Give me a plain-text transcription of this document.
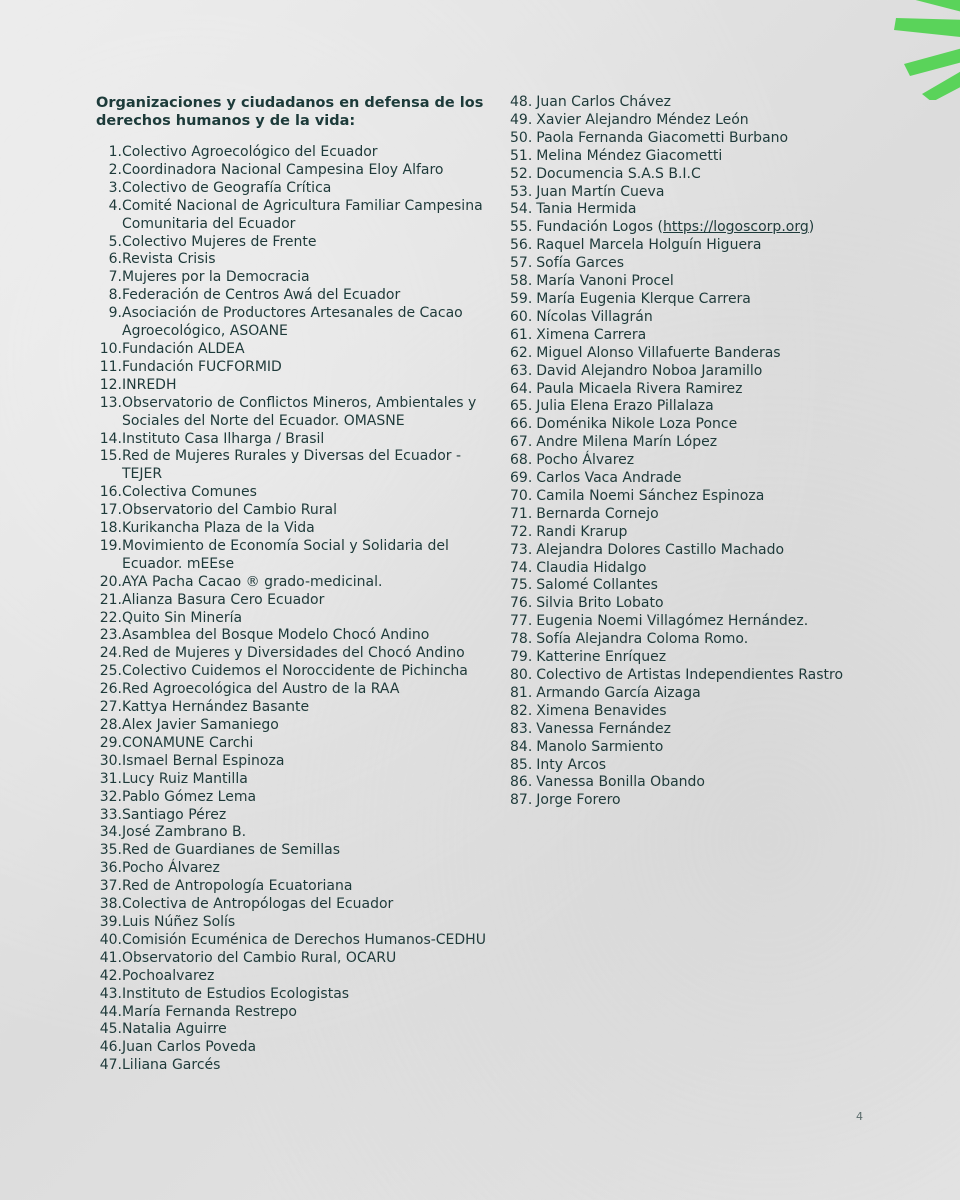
Organizaciones y ciudadanos en defensa de los derechos humanos y de la vida:
1. Colectivo Agroecológico del Ecuador
2. Coordinadora Nacional Campesina Eloy Alfaro
3. Colectivo de Geografía Crítica
4. Comité Nacional de Agricultura Familiar Campesina Comunitaria del Ecuador
5. Colectivo Mujeres de Frente
6. Revista Crisis
7. Mujeres por la Democracia
8. Federación de Centros Awá del Ecuador
9. Asociación de Productores Artesanales de Cacao Agroecológico, ASOANE
10. Fundación ALDEA
11. Fundación FUCFORMID
12. INREDH
13. Observatorio de Conflictos Mineros, Ambientales y Sociales del Norte del Ecuador. OMASNE
14. Instituto Casa Ilharga / Brasil
15. Red de Mujeres Rurales y Diversas del Ecuador - TEJER
16. Colectiva Comunes
17. Observatorio del Cambio Rural
18. Kurikancha Plaza de la Vida
19. Movimiento de Economía Social y Solidaria del Ecuador. mEEse
20. AYA Pacha Cacao ® grado-medicinal.
21. Alianza Basura Cero Ecuador
22. Quito Sin Minería
23. Asamblea del Bosque Modelo Chocó Andino
24. Red de Mujeres y Diversidades del Chocó Andino
25. Colectivo Cuidemos el Noroccidente de Pichincha
26. Red Agroecológica del Austro de la RAA
27. Kattya Hernández Basante
28. Alex Javier Samaniego
29. CONAMUNE Carchi
30. Ismael Bernal Espinoza
31. Lucy Ruiz Mantilla
32. Pablo Gómez Lema
33. Santiago Pérez
34. José Zambrano B.
35. Red de Guardianes de Semillas
36. Pocho Álvarez
37. Red de Antropología Ecuatoriana
38. Colectiva de Antropólogas del Ecuador
39. Luis Núñez Solís
40. Comisión Ecuménica de Derechos Humanos-CEDHU
41. Observatorio del Cambio Rural, OCARU
42. Pochoalvarez
43. Instituto de Estudios Ecologistas
44. María Fernanda Restrepo
45. Natalia Aguirre
46. Juan Carlos Poveda
47. Liliana Garcés
48. Juan Carlos Chávez
49. Xavier Alejandro Méndez León
50. Paola Fernanda Giacometti Burbano
51. Melina Méndez Giacometti
52. Documencia S.A.S B.I.C
53. Juan Martín Cueva
54. Tania Hermida
55. Fundación Logos (https://logoscorp.org)
56. Raquel Marcela Holguín Higuera
57. Sofía Garces
58. María Vanoni Procel
59. María Eugenia Klerque Carrera
60. Nícolas Villagrán
61. Ximena Carrera
62. Miguel Alonso Villafuerte Banderas
63. David Alejandro Noboa Jaramillo
64. Paula Micaela Rivera Ramirez
65. Julia Elena Erazo Pillalaza
66. Doménika Nikole Loza Ponce
67. Andre Milena Marín López
68. Pocho Álvarez
69. Carlos Vaca Andrade
70. Camila Noemi Sánchez Espinoza
71. Bernarda Cornejo
72. Randi Krarup
73. Alejandra Dolores Castillo Machado
74. Claudia Hidalgo
75. Salomé Collantes
76. Silvia Brito Lobato
77. Eugenia Noemi Villagómez Hernández.
78. Sofía Alejandra Coloma Romo.
79. Katterine Enríquez
80. Colectivo de Artistas Independientes Rastro
81. Armando García Aizaga
82. Ximena Benavides
83. Vanessa Fernández
84. Manolo Sarmiento
85. Inty Arcos
86. Vanessa Bonilla Obando
87. Jorge Forero
4
